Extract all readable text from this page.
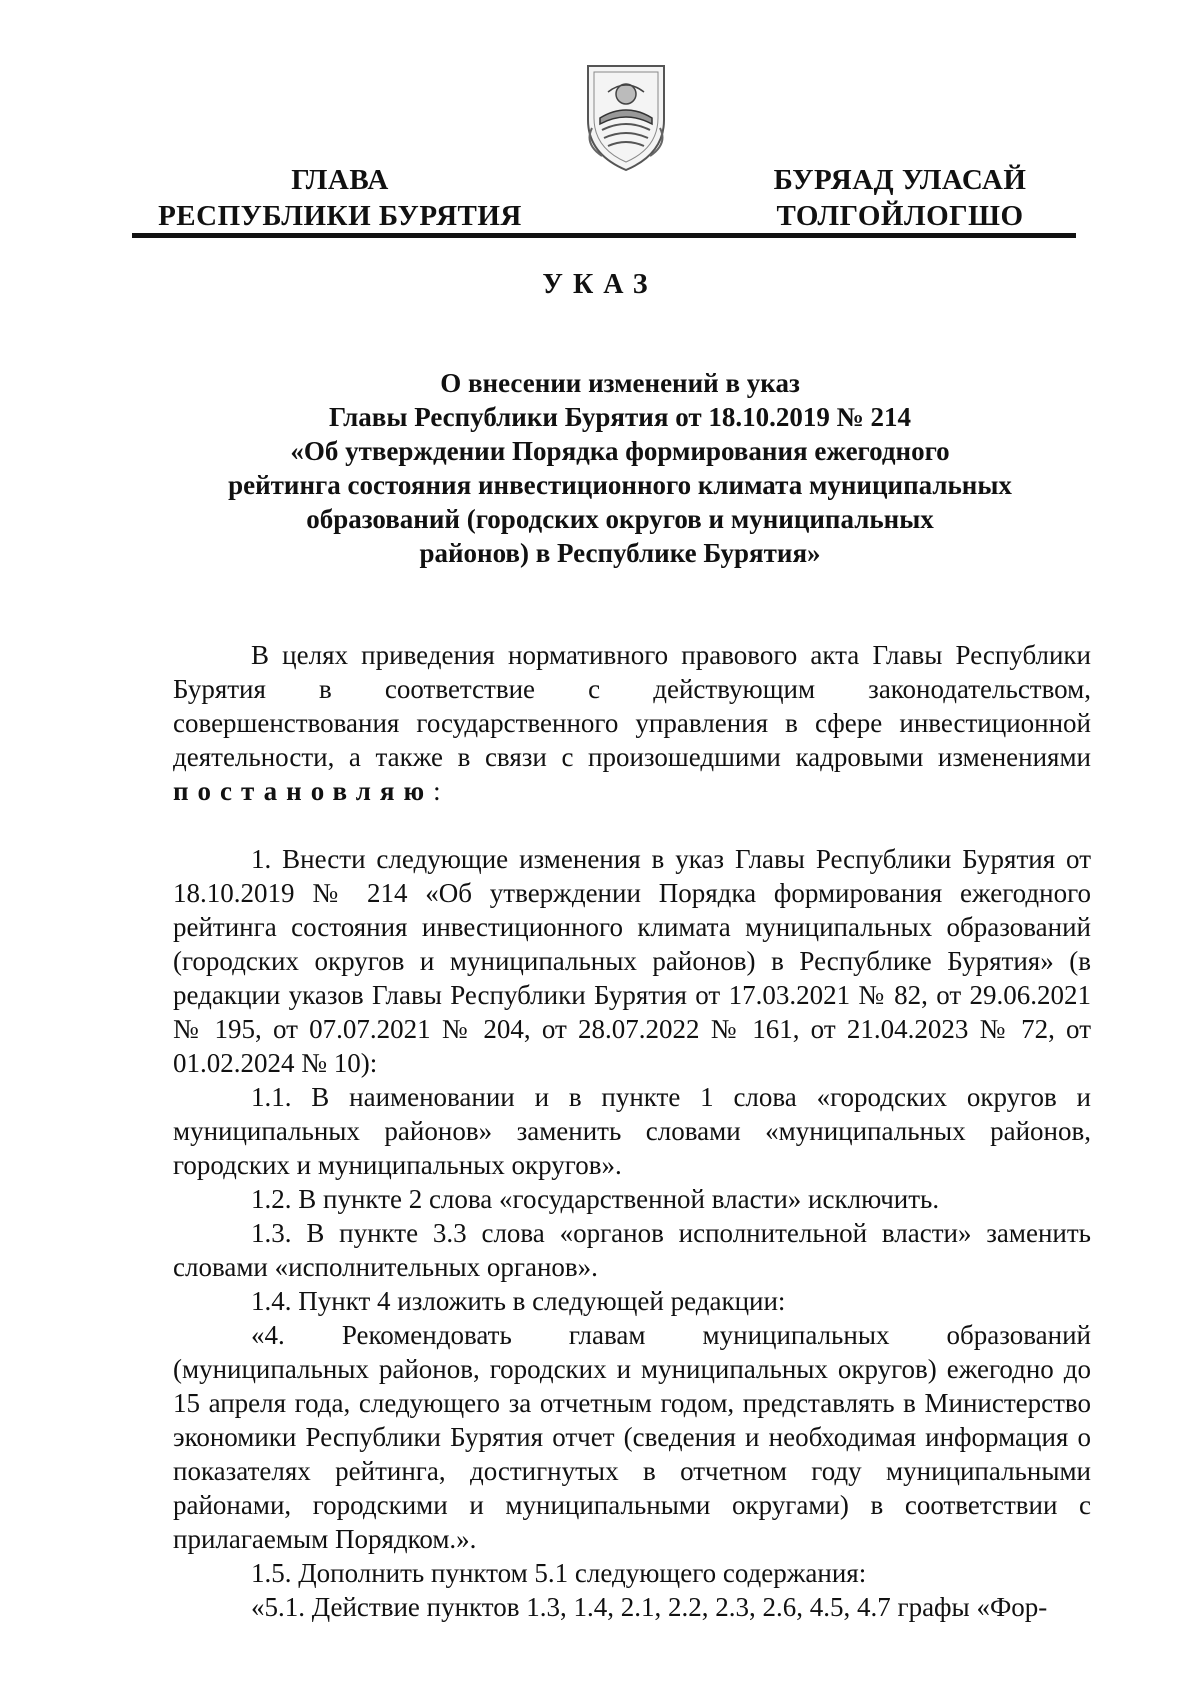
ГЛАВА
РЕСПУБЛИКИ БУРЯТИЯ
БУРЯАД УЛАСАЙ
ТОЛГОЙЛОГШО
УКАЗ
О внесении изменений в указ
Главы Республики Бурятия от 18.10.2019 № 214
«Об утверждении Порядка формирования ежегодного
рейтинга состояния инвестиционного климата муниципальных
образований (городских округов и муниципальных
районов) в Республике Бурятия»

В целях приведения нормативного правового акта Главы Республики Бурятия в соответствие с действующим законодательством, совершенствования государственного управления в сфере инвестиционной деятельности, а также в связи с произошедшими кадровыми изменениями постановляю:

1. Внести следующие изменения в указ Главы Республики Бурятия от 18.10.2019 № 214 «Об утверждении Порядка формирования ежегодного рейтинга состояния инвестиционного климата муниципальных образований (городских округов и муниципальных районов) в Республике Бурятия» (в редакции указов Главы Республики Бурятия от 17.03.2021 № 82, от 29.06.2021 № 195, от 07.07.2021 № 204, от 28.07.2022 № 161, от 21.04.2023 № 72, от 01.02.2024 № 10):

1.1. В наименовании и в пункте 1 слова «городских округов и муниципальных районов» заменить словами «муниципальных районов, городских и муниципальных округов».

1.2. В пункте 2 слова «государственной власти» исключить.

1.3. В пункте 3.3 слова «органов исполнительной власти» заменить словами «исполнительных органов».

1.4. Пункт 4 изложить в следующей редакции:

«4. Рекомендовать главам муниципальных образований (муниципальных районов, городских и муниципальных округов) ежегодно до 15 апреля года, следующего за отчетным годом, представлять в Министерство экономики Республики Бурятия отчет (сведения и необходимая информация о показателях рейтинга, достигнутых в отчетном году муниципальными районами, городскими и муниципальными округами) в соответствии с прилагаемым Порядком.».

1.5. Дополнить пунктом 5.1 следующего содержания:

«5.1. Действие пунктов 1.3, 1.4, 2.1, 2.2, 2.3, 2.6, 4.5, 4.7 графы «Фор-
